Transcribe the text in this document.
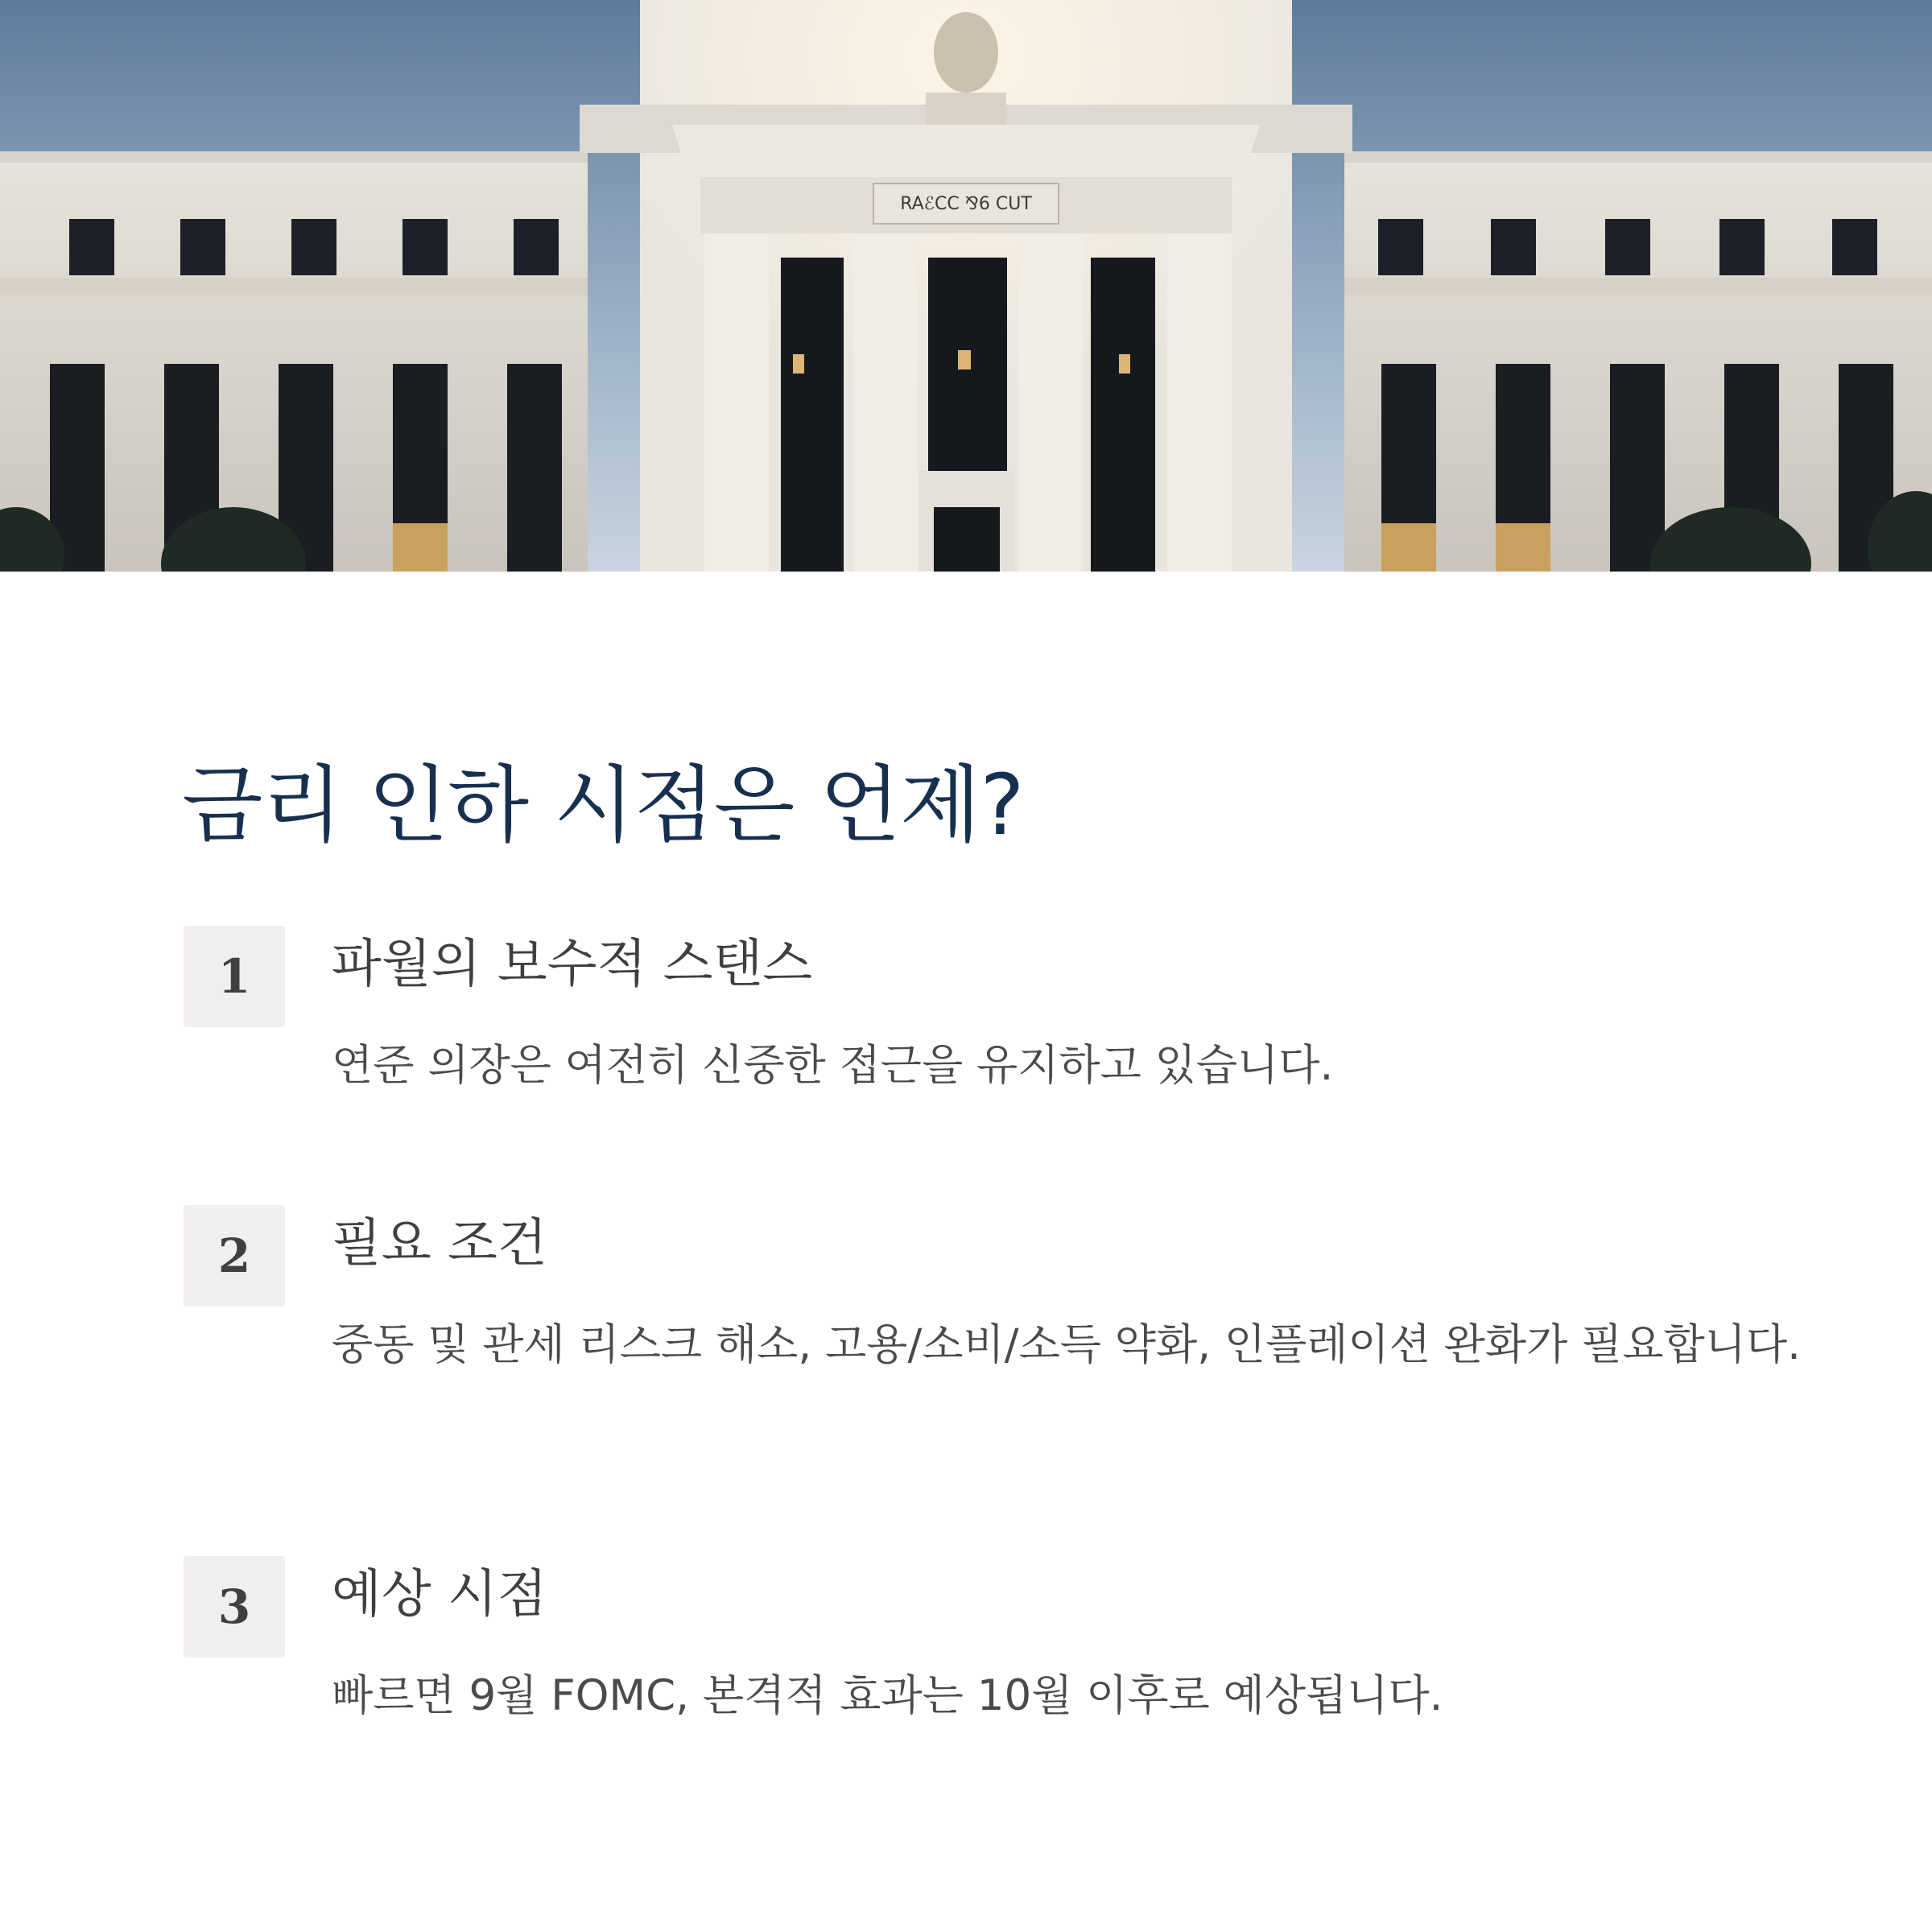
RAℰCC ⅋6 CUT
금리 인하 시점은 언제?
1 파월의 보수적 스탠스
연준 의장은 여전히 신중한 접근을 유지하고 있습니다.
2 필요 조건
중동 및 관세 리스크 해소, 고용/소비/소득 약화, 인플레이션 완화가 필요합니다.
3 예상 시점
빠르면 9월 FOMC, 본격적 효과는 10월 이후로 예상됩니다.
